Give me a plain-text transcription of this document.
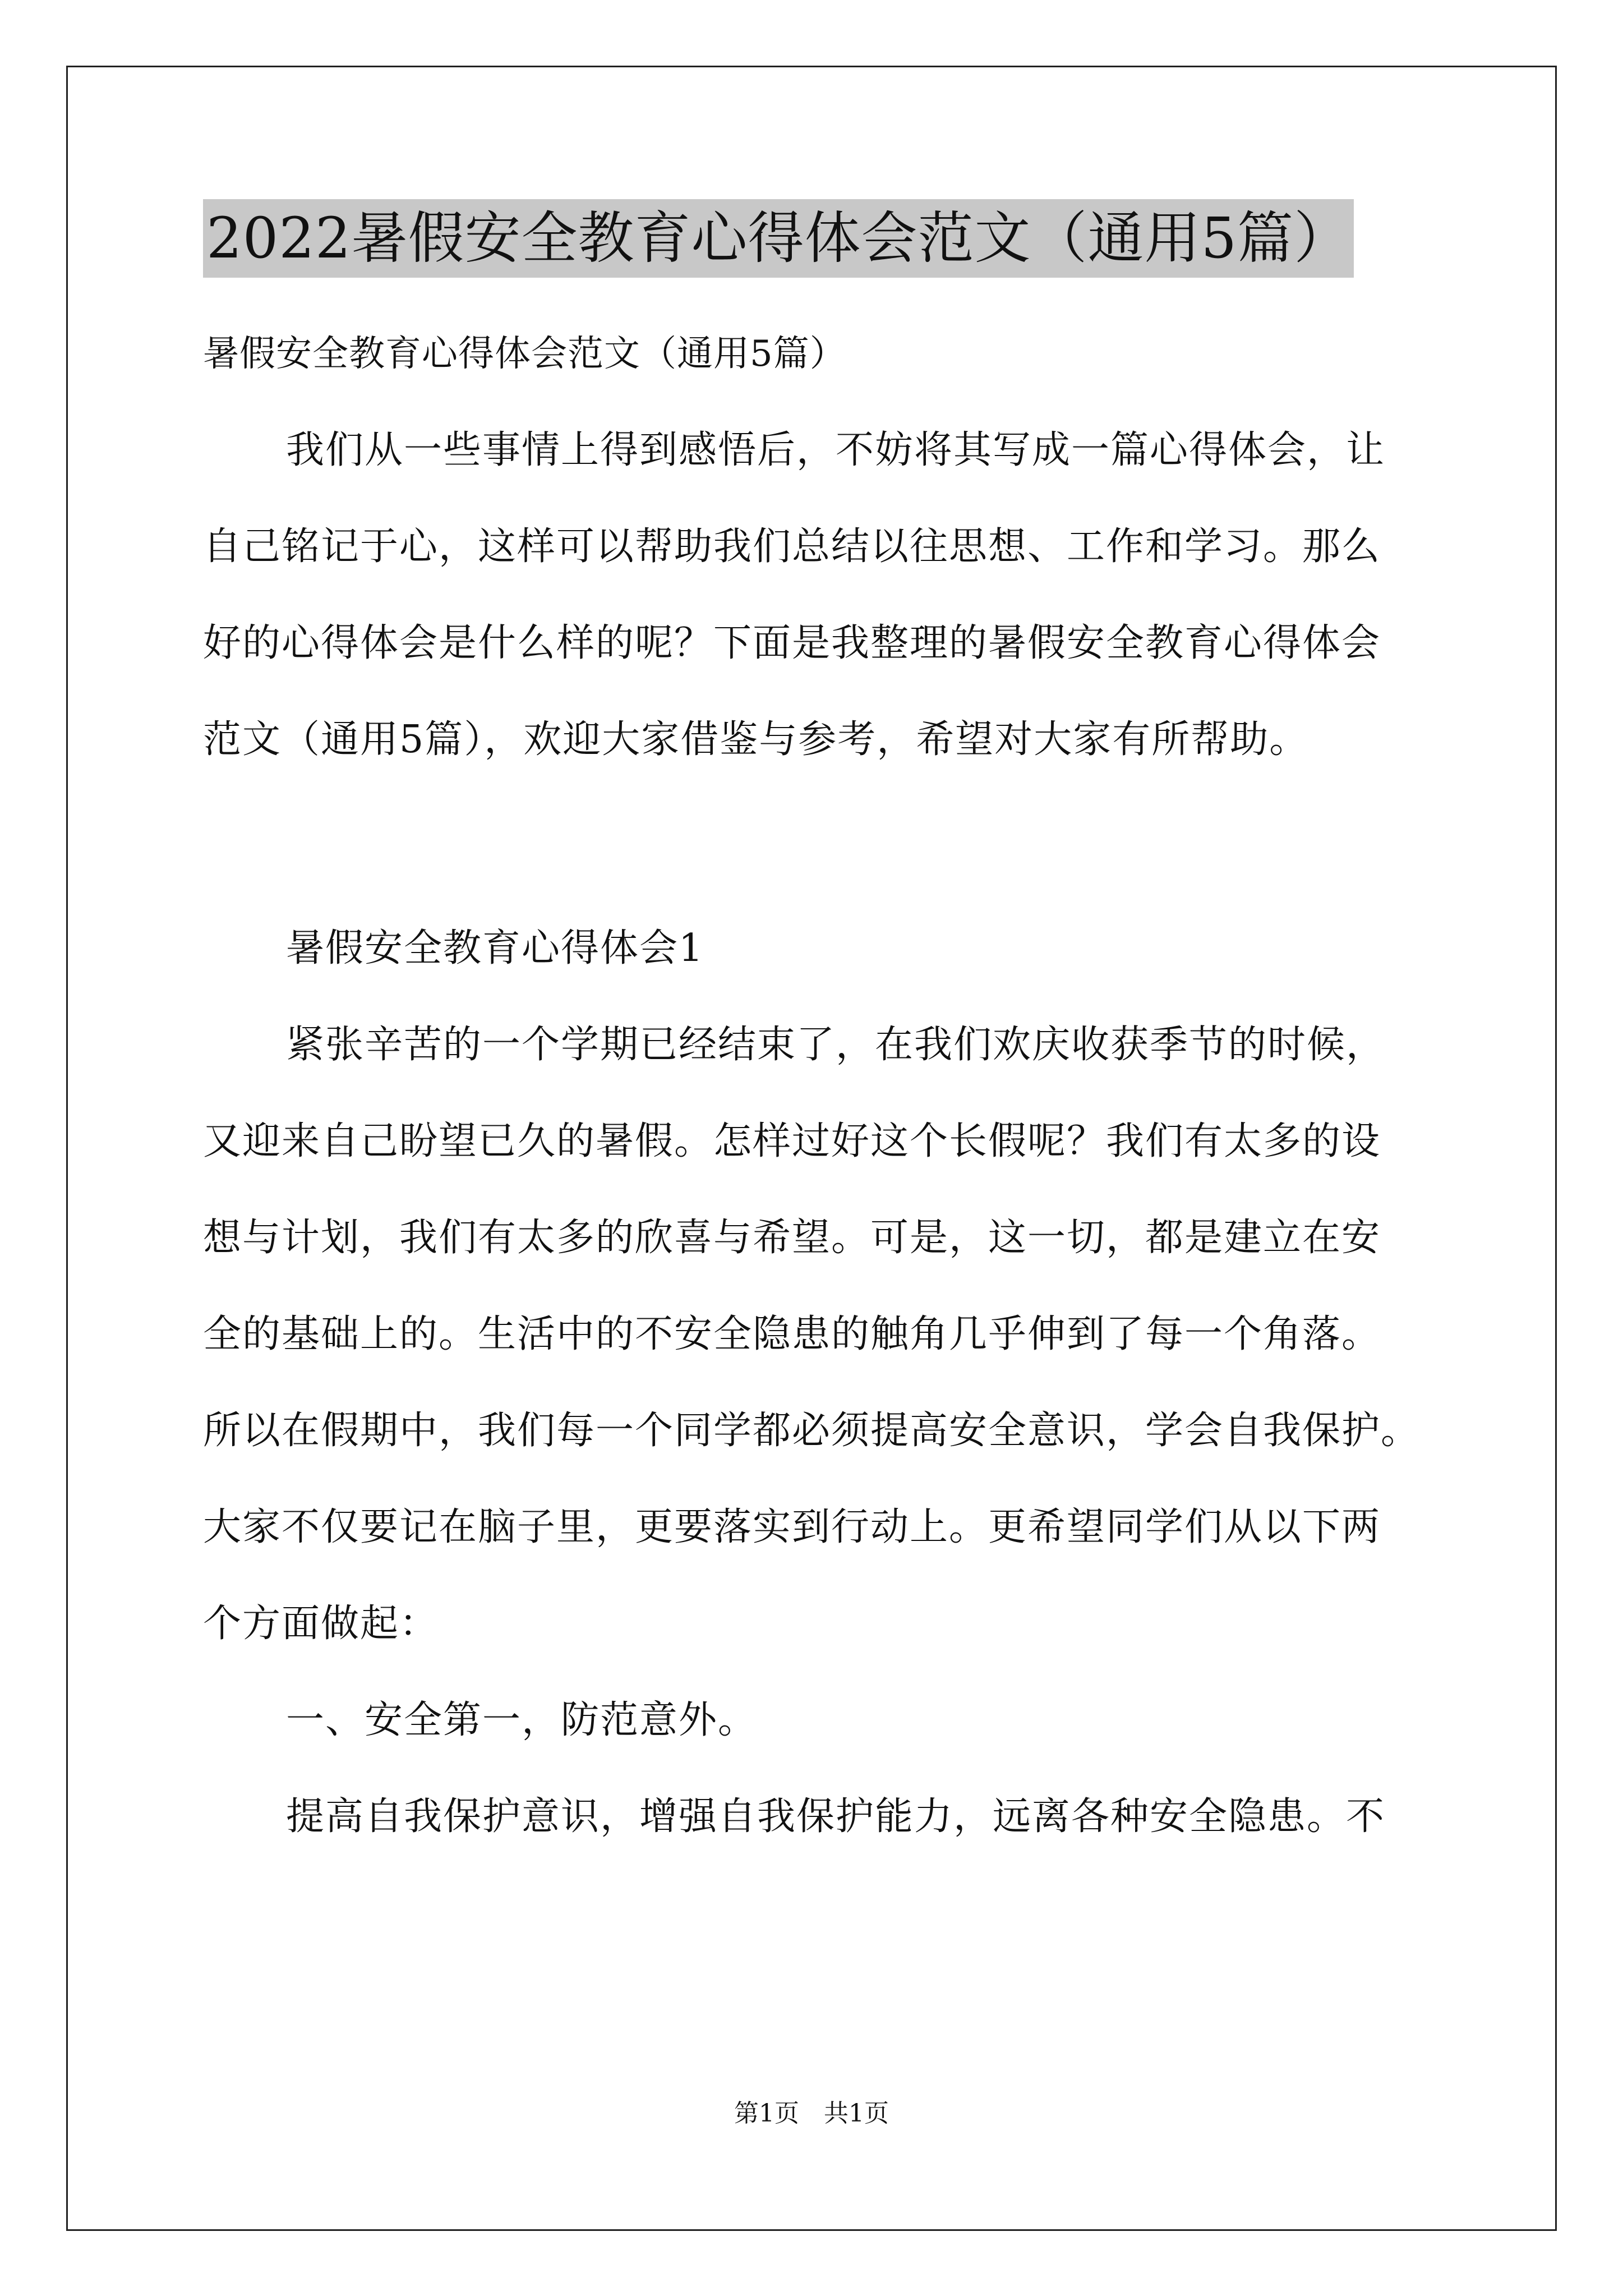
2022暑假安全教育心得体会范文（通用5篇）
暑假安全教育心得体会范文（通用5篇）
我们从一些事情上得到感悟后，不妨将其写成一篇心得体会，让
自己铭记于心，这样可以帮助我们总结以往思想、工作和学习。那么
好的心得体会是什么样的呢？下面是我整理的暑假安全教育心得体会
范文（通用5篇），欢迎大家借鉴与参考，希望对大家有所帮助。
暑假安全教育心得体会1
紧张辛苦的一个学期已经结束了，在我们欢庆收获季节的时候，
又迎来自己盼望已久的暑假。怎样过好这个长假呢？我们有太多的设
想与计划，我们有太多的欣喜与希望。可是，这一切，都是建立在安
全的基础上的。生活中的不安全隐患的触角几乎伸到了每一个角落。
所以在假期中，我们每一个同学都必须提高安全意识，学会自我保护。
大家不仅要记在脑子里，更要落实到行动上。更希望同学们从以下两
个方面做起：
一、安全第一，防范意外。
提高自我保护意识，增强自我保护能力，远离各种安全隐患。不
第1页　共1页
